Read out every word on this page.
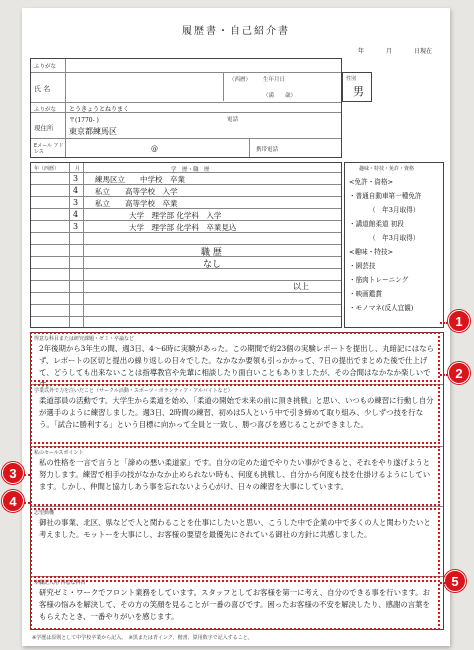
履歴書・自己紹介書
年	月	日現在
ふりがな
氏 名
（西暦） 生年月日
（満　　歳）
ふりがな とうきょうとねりまく
現住所
〒(1770- )
東京都練馬区
電話
Eメール アドレス	@	携帯電話
性別
男
年（西暦）	月	学　歴・職　歴
3 練馬区立　　中学校　卒業
4 私立　　高等学校　入学
3 私立　　高等学校　卒業
4	大学　理学部 化学科　入学
3	大学　理学部 化学科　卒業見込
職 歴
なし
以上
趣味・特技・免許・資格
<免許・資格>
・普通自動車第一種免許
（　年3月取得）
・講道館柔道 初段
（　年3月取得）
<趣味・特技>
・園芸技
・筋肉トレーニング
・映画鑑賞
・モノマネ(反人宜観)
得意な科目または研究課題・ゼミ・卒論など
2年後期から3年生の間、週3日、4～6時に実験があった。この期間で約23個の実験レポートを提出し、丸暗記にはならず、レポートの区切と提出の線り返しの日々でした。なかなか要領も引っかかって、7日の提出でまとめた後で仕上げて、どうしても出来ないことは指導教官や先輩に相談したり面白いこともありましたが、その合間はなかなか楽しいです。
学業以外で力を注いだこと（サークル活動・スポーツ・ボランティア・アルバイトなど）
柔道部員の活動です。大学生から柔道を始め、「柔道の開始で未来の前に頂き挑戦」と思い、いつもの練習に行動し自分が選手のように練習しました。週3日、2時間の練習、初めは5人という中で引き締めて取り組み、少しずつ技を行なう。「試合に勝利する」という目標に向かって全員と一致し、勝つ喜びを感じることができました。
私のセールスポイント
私の性格を一言で言うと「諦めの悪い柔道家」です。自分の定めた道でやりたい事ができると、それをやり遂げようと努力します。練習で相手の技がなかなか止められない時も、何度も挑戦し、自分から何度も技を仕掛けるようにしています。しかし、仲間と協力しあう事を忘れないよう心がけ、日々の練習を大事にしています。
志望動機
御社の事業、北区、県などで人と関わることを仕事にしたいと思い、こうした中で企業の中で多くの人と関わりたいと考えました。モットーを大事にし、お客様の要望を最優先にされている御社の方針に共感しました。
本欄記入用 得意な科目
研究ゼミ・ワークでフロント業務をしています。スタッフとしてお客様を第一に考え、自分のできる事を行います。お客様の悩みを解決して、その方の笑顔を見ることが一番の喜びです。困ったお客様の不安を解決したり、感謝の言葉をもらえたとき、一番やりがいを感じます。
※学歴は原則として中学校卒業から記入。　※黒または青インク、楷書、算用数字で記入すること。
1
2
3
4
5
